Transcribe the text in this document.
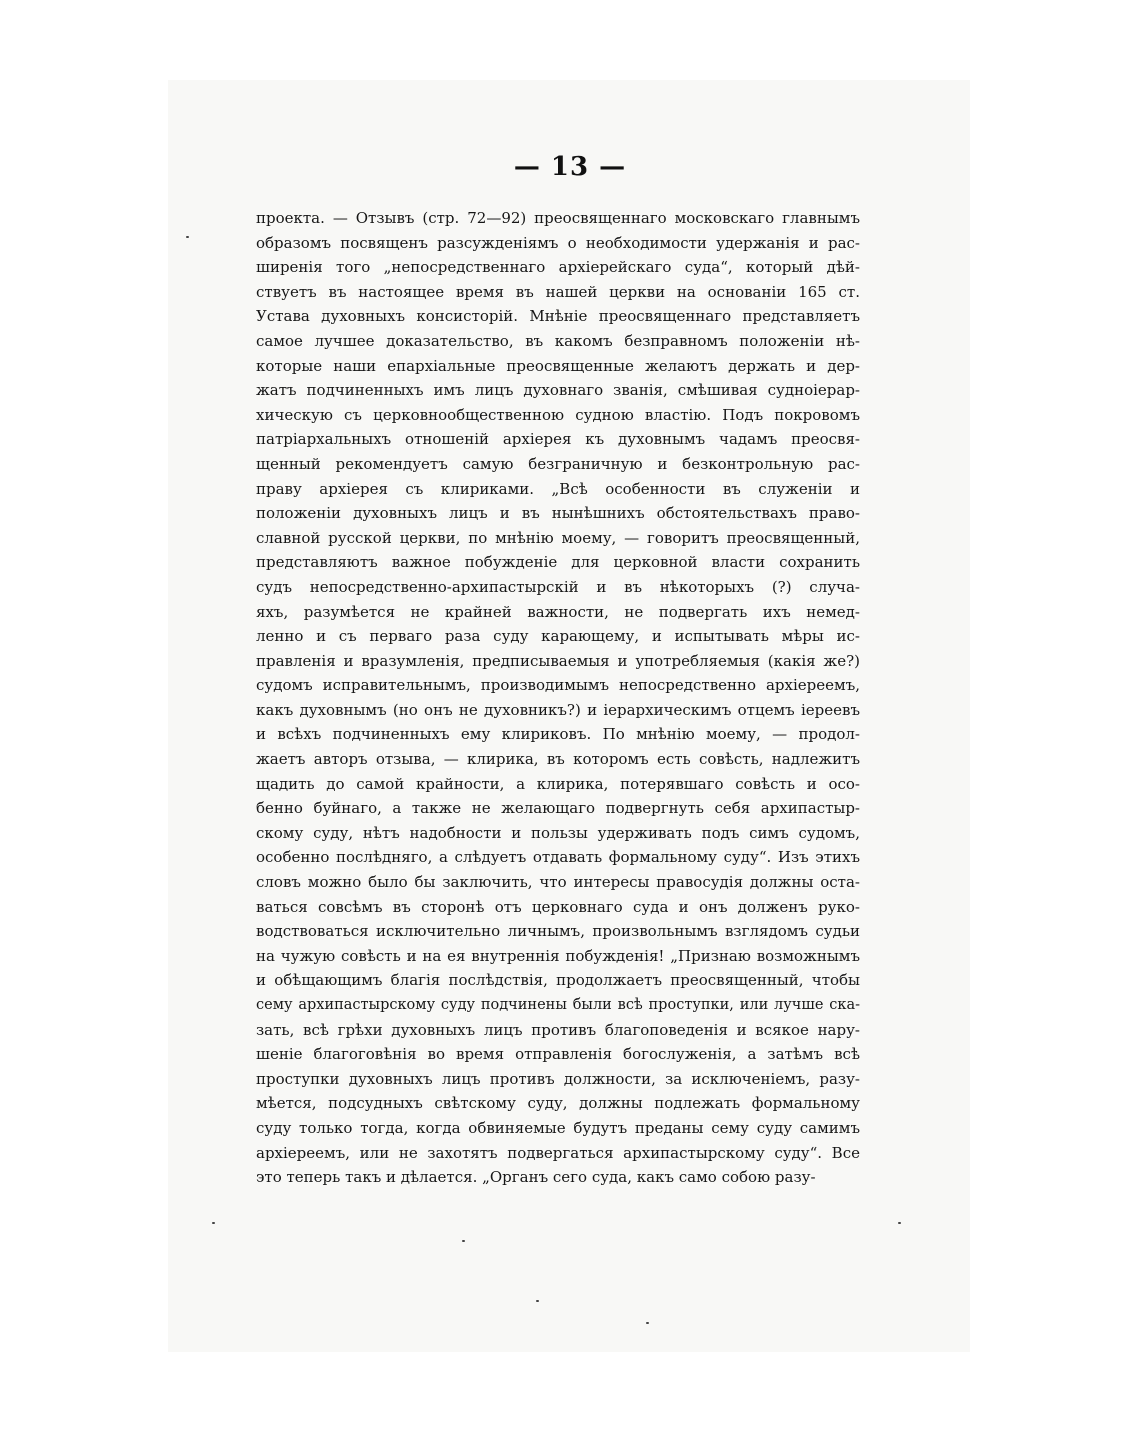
— 13 —
проекта. — Отзывъ (стр. 72—92) преосвященнаго московскаго главнымъ
образомъ посвященъ разсужденіямъ о необходимости удержанія и рас-
ширенія того „непосредственнаго архіерейскаго суда“, который дѣй-
ствуетъ въ настоящее время въ нашей церкви на основаніи 165 ст.
Устава духовныхъ консисторій. Мнѣніе преосвященнаго представляетъ
самое лучшее доказательство, въ какомъ безправномъ положеніи нѣ-
которые наши епархіальные преосвященные желаютъ держать и дер-
жатъ подчиненныхъ имъ лицъ духовнаго званія, смѣшивая судноіерар-
хическую съ церковнообщественною судною властію. Подъ покровомъ
патріархальныхъ отношеній архіерея къ духовнымъ чадамъ преосвя-
щенный рекомендуетъ самую безграничную и безконтрольную рас-
праву архіерея съ клириками. „Всѣ особенности въ служеніи и
положеніи духовныхъ лицъ и въ нынѣшнихъ обстоятельствахъ право-
славной русской церкви, по мнѣнію моему, — говоритъ преосвященный,
представляютъ важное побужденіе для церковной власти сохранить
судъ непосредственно-архипастырскій и въ нѣкоторыхъ (?) случа-
яхъ, разумѣется не крайней важности, не подвергать ихъ немед-
ленно и съ перваго раза суду карающему, и испытывать мѣры ис-
правленія и вразумленія, предписываемыя и употребляемыя (какія же?)
судомъ исправительнымъ, производимымъ непосредственно архіереемъ,
какъ духовнымъ (но онъ не духовникъ?) и іерархическимъ отцемъ іереевъ
и всѣхъ подчиненныхъ ему клириковъ. По мнѣнію моему, — продол-
жаетъ авторъ отзыва, — клирика, въ которомъ есть совѣсть, надлежитъ
щадить до самой крайности, а клирика, потерявшаго совѣсть и осо-
бенно буйнаго, а также не желающаго подвергнуть себя архипастыр-
скому суду, нѣтъ надобности и пользы удерживать подъ симъ судомъ,
особенно послѣдняго, а слѣдуетъ отдавать формальному суду“. Изъ этихъ
словъ можно было бы заключить, что интересы правосудія должны оста-
ваться совсѣмъ въ сторонѣ отъ церковнаго суда и онъ долженъ руко-
водствоваться исключительно личнымъ, произвольнымъ взглядомъ судьи
на чужую совѣсть и на ея внутреннія побужденія! „Признаю возможнымъ
и обѣщающимъ благія послѣдствія, продолжаетъ преосвященный, чтобы
сему архипастырскому суду подчинены были всѣ проступки, или лучше ска-
зать, всѣ грѣхи духовныхъ лицъ противъ благоповеденія и всякое нару-
шеніе благоговѣнія во время отправленія богослуженія, а затѣмъ всѣ
проступки духовныхъ лицъ противъ должности, за исключеніемъ, разу-
мѣется, подсудныхъ свѣтскому суду, должны подлежать формальному
суду только тогда, когда обвиняемые будутъ преданы сему суду самимъ
архіереемъ, или не захотятъ подвергаться архипастырскому суду“. Все
это теперь такъ и дѣлается. „Органъ сего суда, какъ само собою разу-
